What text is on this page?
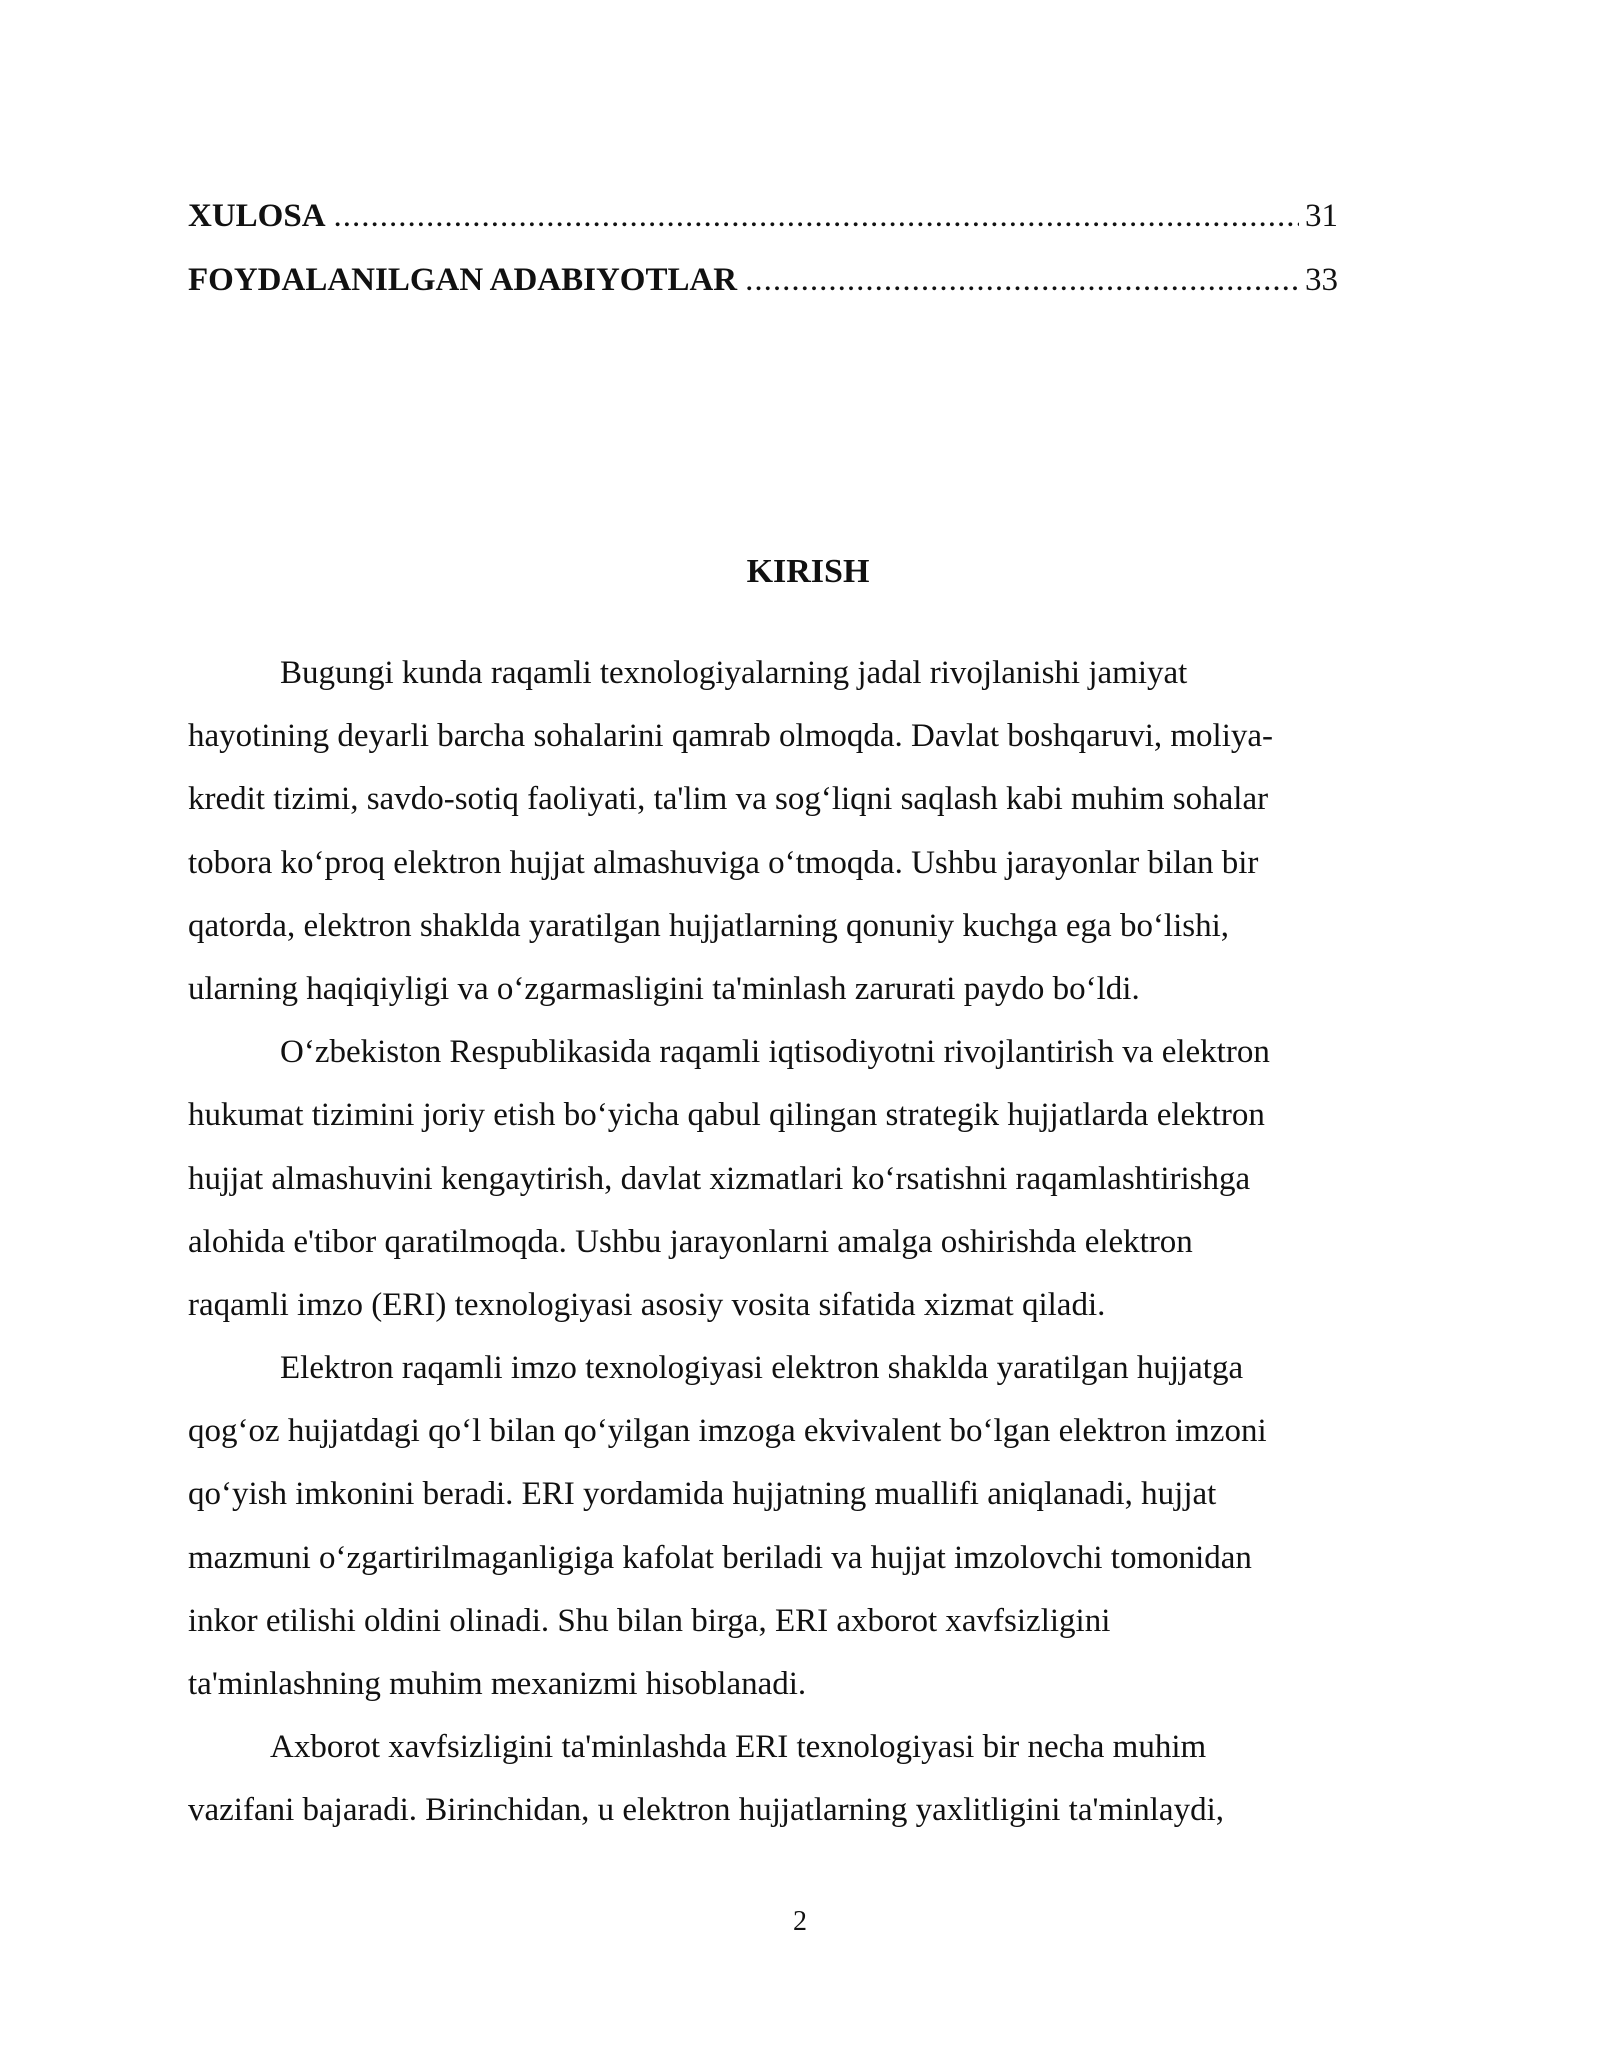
XULOSA .....	31
FOYDALANILGAN ADABIYOTLAR .....	33
KIRISH
Bugungi kunda raqamli texnologiyalarning jadal rivojlanishi jamiyat
hayotining deyarli barcha sohalarini qamrab olmoqda. Davlat boshqaruvi, moliya-
kredit tizimi, savdo-sotiq faoliyati, ta'lim va sog‘liqni saqlash kabi muhim sohalar
tobora ko‘proq elektron hujjat almashuviga o‘tmoqda. Ushbu jarayonlar bilan bir
qatorda, elektron shaklda yaratilgan hujjatlarning qonuniy kuchga ega bo‘lishi,
ularning haqiqiyligi va o‘zgarmasligini ta'minlash zarurati paydo bo‘ldi.
O‘zbekiston Respublikasida raqamli iqtisodiyotni rivojlantirish va elektron
hukumat tizimini joriy etish bo‘yicha qabul qilingan strategik hujjatlarda elektron
hujjat almashuvini kengaytirish, davlat xizmatlari ko‘rsatishni raqamlashtirishga
alohida e'tibor qaratilmoqda. Ushbu jarayonlarni amalga oshirishda elektron
raqamli imzo (ERI) texnologiyasi asosiy vosita sifatida xizmat qiladi.
Elektron raqamli imzo texnologiyasi elektron shaklda yaratilgan hujjatga
qog‘oz hujjatdagi qo‘l bilan qo‘yilgan imzoga ekvivalent bo‘lgan elektron imzoni
qo‘yish imkonini beradi. ERI yordamida hujjatning muallifi aniqlanadi, hujjat
mazmuni o‘zgartirilmaganligiga kafolat beriladi va hujjat imzolovchi tomonidan
inkor etilishi oldini olinadi. Shu bilan birga, ERI axborot xavfsizligini
ta'minlashning muhim mexanizmi hisoblanadi.
Axborot xavfsizligini ta'minlashda ERI texnologiyasi bir necha muhim
vazifani bajaradi. Birinchidan, u elektron hujjatlarning yaxlitligini ta'minlaydi,
2
